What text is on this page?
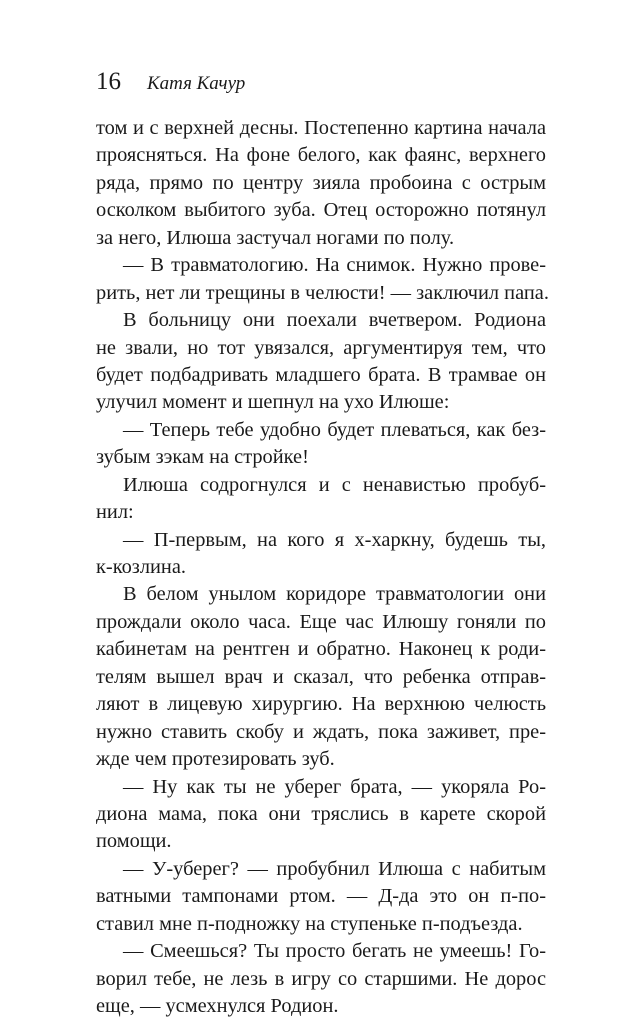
16 Катя Качур
том и с верхней десны. Постепенно картина начала
проясняться. На фоне белого, как фаянс, верхнего
ряда, прямо по центру зияла пробоина с острым
осколком выбитого зуба. Отец осторожно потянул
за него, Илюша застучал ногами по полу.
— В травматологию. На снимок. Нужно прове-
рить, нет ли трещины в челюсти! — заключил папа.
В больницу они поехали вчетвером. Родиона
не звали, но тот увязался, аргументируя тем, что
будет подбадривать младшего брата. В трамвае он
улучил момент и шепнул на ухо Илюше:
— Теперь тебе удобно будет плеваться, как без-
зубым зэкам на стройке!
Илюша содрогнулся и с ненавистью пробуб-
нил:
— П-первым, на кого я х-харкну, будешь ты,
к-козлина.
В белом унылом коридоре травматологии они
прождали около часа. Еще час Илюшу гоняли по
кабинетам на рентген и обратно. Наконец к роди-
телям вышел врач и сказал, что ребенка отправ-
ляют в лицевую хирургию. На верхнюю челюсть
нужно ставить скобу и ждать, пока заживет, пре-
жде чем протезировать зуб.
— Ну как ты не уберег брата, — укоряла Ро-
диона мама, пока они тряслись в карете скорой
помощи.
— У-уберег? — пробубнил Илюша с набитым
ватными тампонами ртом. — Д-да это он п-по-
ставил мне п-подножку на ступеньке п-подъезда.
— Смеешься? Ты просто бегать не умеешь! Го-
ворил тебе, не лезь в игру со старшими. Не дорос
еще, — усмехнулся Родион.
